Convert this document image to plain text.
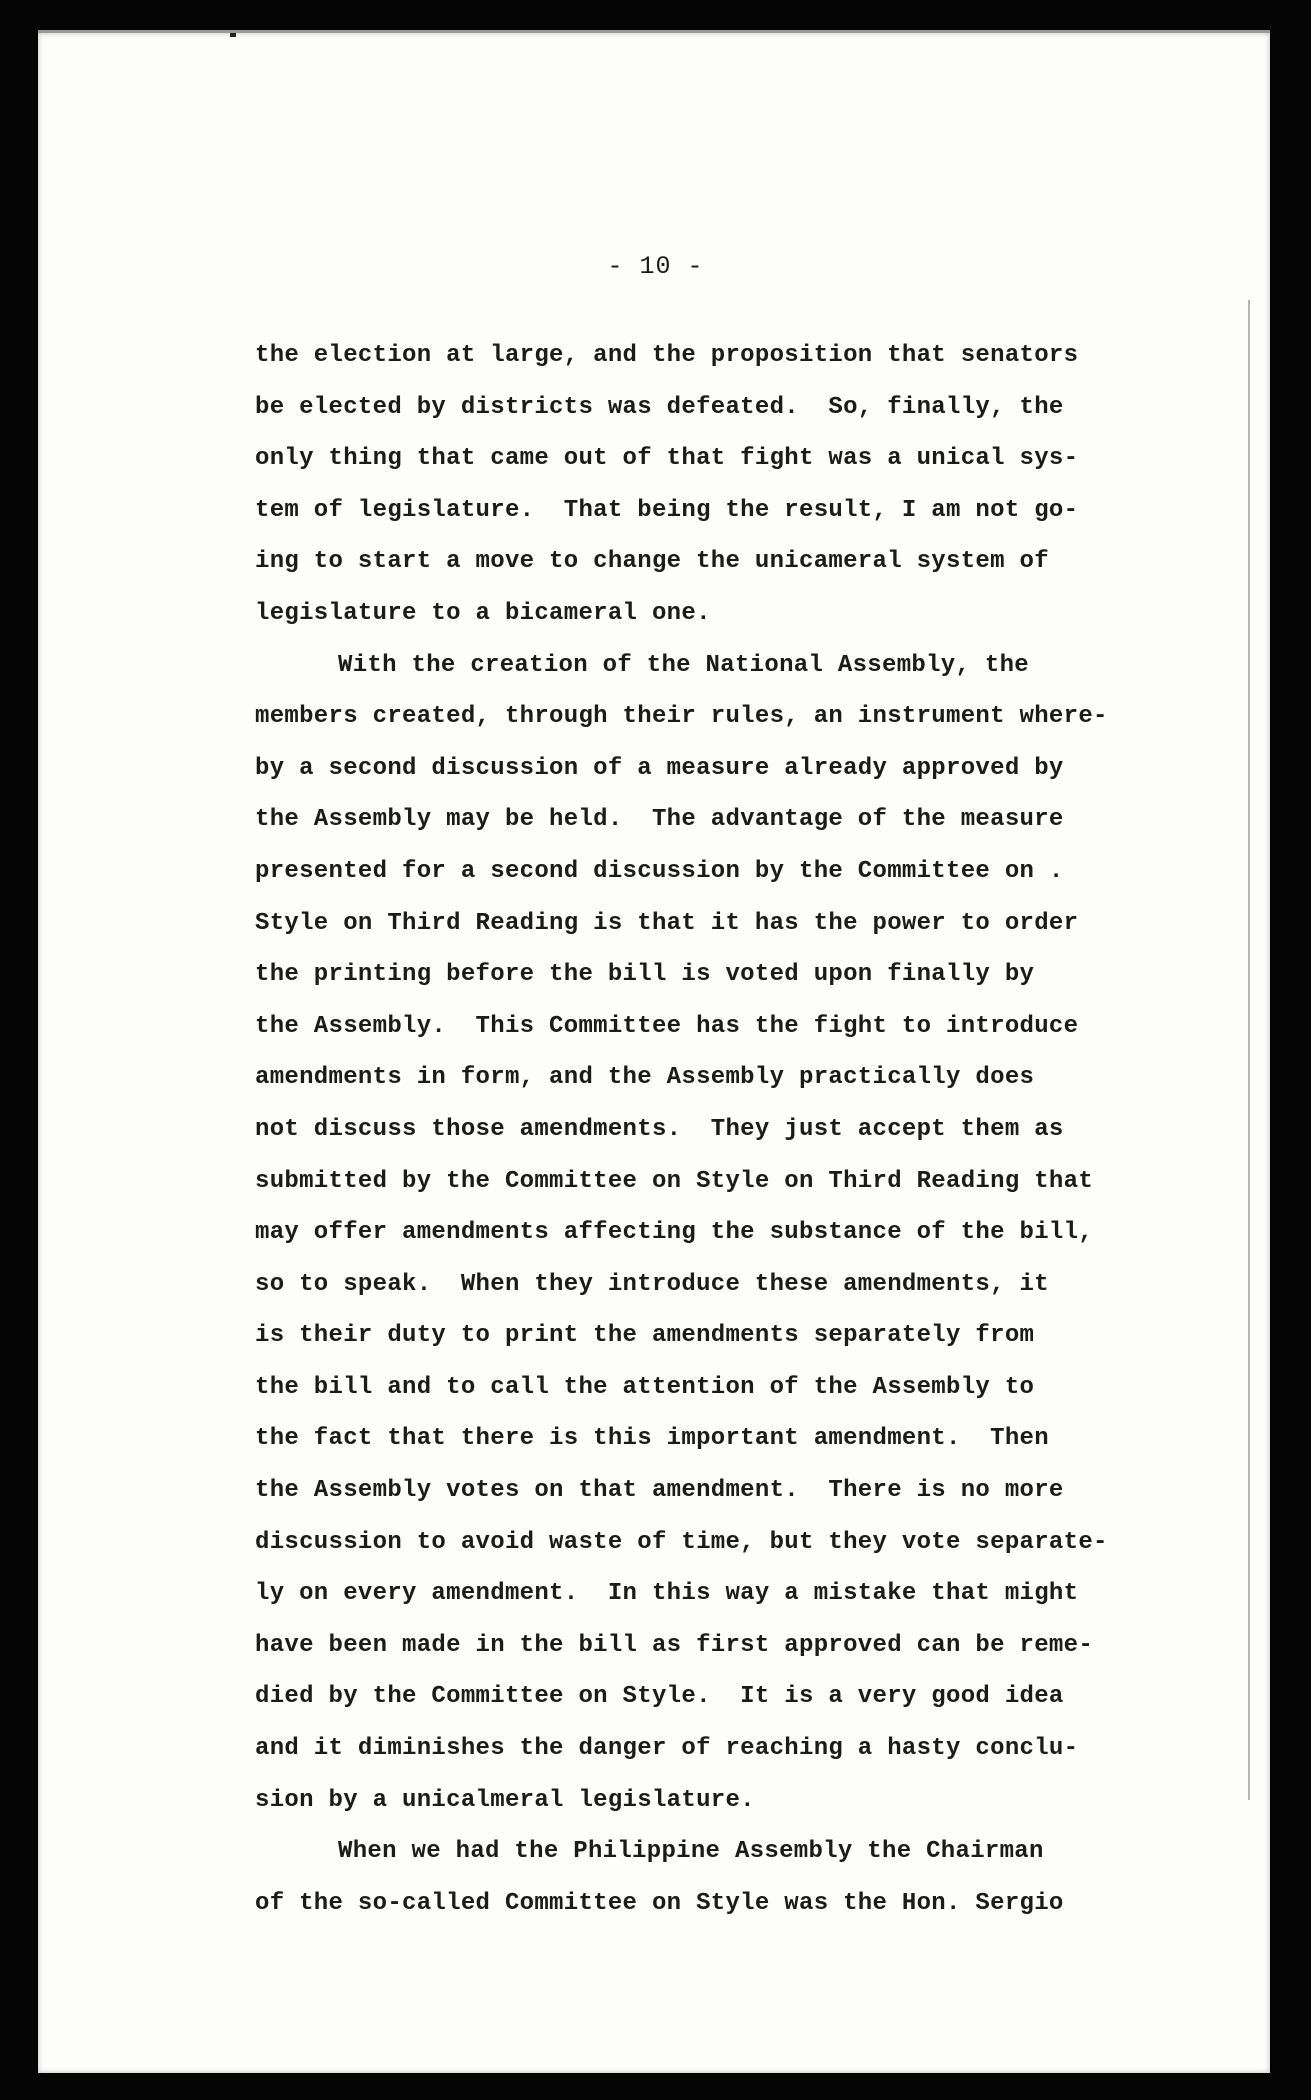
- 10 -
the election at large, and the proposition that senators
be elected by districts was defeated.  So, finally, the
only thing that came out of that fight was a unical sys-
tem of legislature.  That being the result, I am not go-
ing to start a move to change the unicameral system of
legislature to a bicameral one.
With the creation of the National Assembly, the
members created, through their rules, an instrument where-
by a second discussion of a measure already approved by
the Assembly may be held.  The advantage of the measure
presented for a second discussion by the Committee on .
Style on Third Reading is that it has the power to order
the printing before the bill is voted upon finally by
the Assembly.  This Committee has the fight to introduce
amendments in form, and the Assembly practically does
not discuss those amendments.  They just accept them as
submitted by the Committee on Style on Third Reading that
may offer amendments affecting the substance of the bill,
so to speak.  When they introduce these amendments, it
is their duty to print the amendments separately from
the bill and to call the attention of the Assembly to
the fact that there is this important amendment.  Then
the Assembly votes on that amendment.  There is no more
discussion to avoid waste of time, but they vote separate-
ly on every amendment.  In this way a mistake that might
have been made in the bill as first approved can be reme-
died by the Committee on Style.  It is a very good idea
and it diminishes the danger of reaching a hasty conclu-
sion by a unicalmeral legislature.
When we had the Philippine Assembly the Chairman
of the so-called Committee on Style was the Hon. Sergio
